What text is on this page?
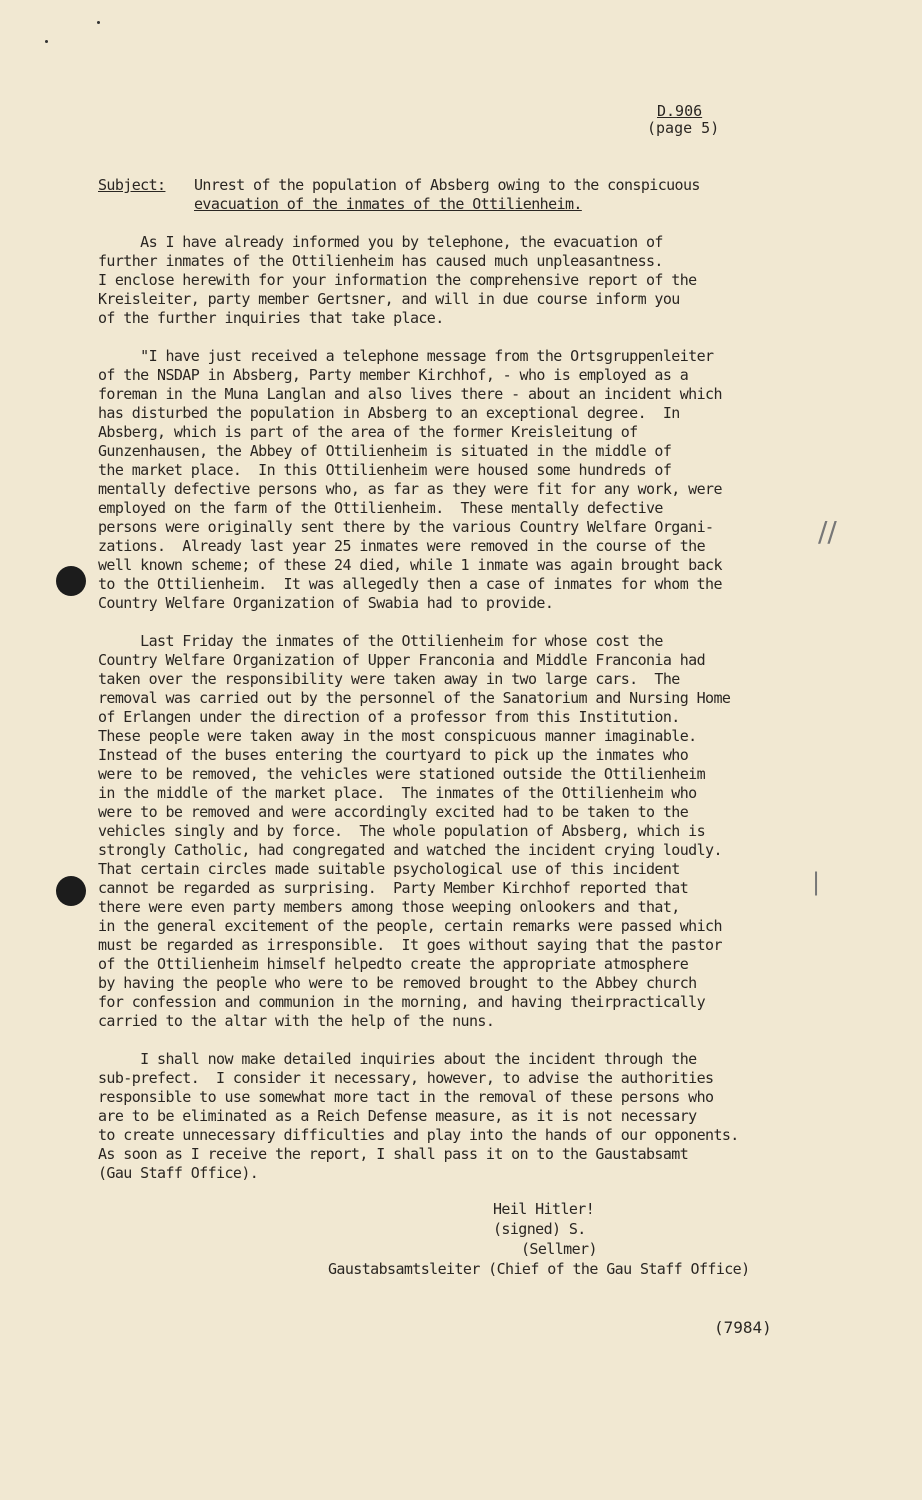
//
|
D.906
(page 5)
Subject: Unrest of the population of Absberg owing to the conspicuous
evacuation of the inmates of the Ottilienheim.
As I have already informed you by telephone, the evacuation of
further inmates of the Ottilienheim has caused much unpleasantness.
I enclose herewith for your information the comprehensive report of the
Kreisleiter, party member Gertsner, and will in due course inform you
of the further inquiries that take place.
"I have just received a telephone message from the Ortsgruppenleiter
of the NSDAP in Absberg, Party member Kirchhof, - who is employed as a
foreman in the Muna Langlan and also lives there - about an incident which
has disturbed the population in Absberg to an exceptional degree.  In
Absberg, which is part of the area of the former Kreisleitung of
Gunzenhausen, the Abbey of Ottilienheim is situated in the middle of
the market place.  In this Ottilienheim were housed some hundreds of
mentally defective persons who, as far as they were fit for any work, were
employed on the farm of the Ottilienheim.  These mentally defective
persons were originally sent there by the various Country Welfare Organi-
zations.  Already last year 25 inmates were removed in the course of the
well known scheme; of these 24 died, while 1 inmate was again brought back
to the Ottilienheim.  It was allegedly then a case of inmates for whom the
Country Welfare Organization of Swabia had to provide.
Last Friday the inmates of the Ottilienheim for whose cost the
Country Welfare Organization of Upper Franconia and Middle Franconia had
taken over the responsibility were taken away in two large cars.  The
removal was carried out by the personnel of the Sanatorium and Nursing Home
of Erlangen under the direction of a professor from this Institution.
These people were taken away in the most conspicuous manner imaginable.
Instead of the buses entering the courtyard to pick up the inmates who
were to be removed, the vehicles were stationed outside the Ottilienheim
in the middle of the market place.  The inmates of the Ottilienheim who
were to be removed and were accordingly excited had to be taken to the
vehicles singly and by force.  The whole population of Absberg, which is
strongly Catholic, had congregated and watched the incident crying loudly.
That certain circles made suitable psychological use of this incident
cannot be regarded as surprising.  Party Member Kirchhof reported that
there were even party members among those weeping onlookers and that,
in the general excitement of the people, certain remarks were passed which
must be regarded as irresponsible.  It goes without saying that the pastor
of the Ottilienheim himself helpedto create the appropriate atmosphere
by having the people who were to be removed brought to the Abbey church
for confession and communion in the morning, and having theirpractically
carried to the altar with the help of the nuns.
I shall now make detailed inquiries about the incident through the
sub-prefect.  I consider it necessary, however, to advise the authorities
responsible to use somewhat more tact in the removal of these persons who
are to be eliminated as a Reich Defense measure, as it is not necessary
to create unnecessary difficulties and play into the hands of our opponents.
As soon as I receive the report, I shall pass it on to the Gaustabsamt
(Gau Staff Office).
Heil Hitler!
(signed) S.
(Sellmer)
Gaustabsamtsleiter (Chief of the Gau Staff Office)
(7984)
